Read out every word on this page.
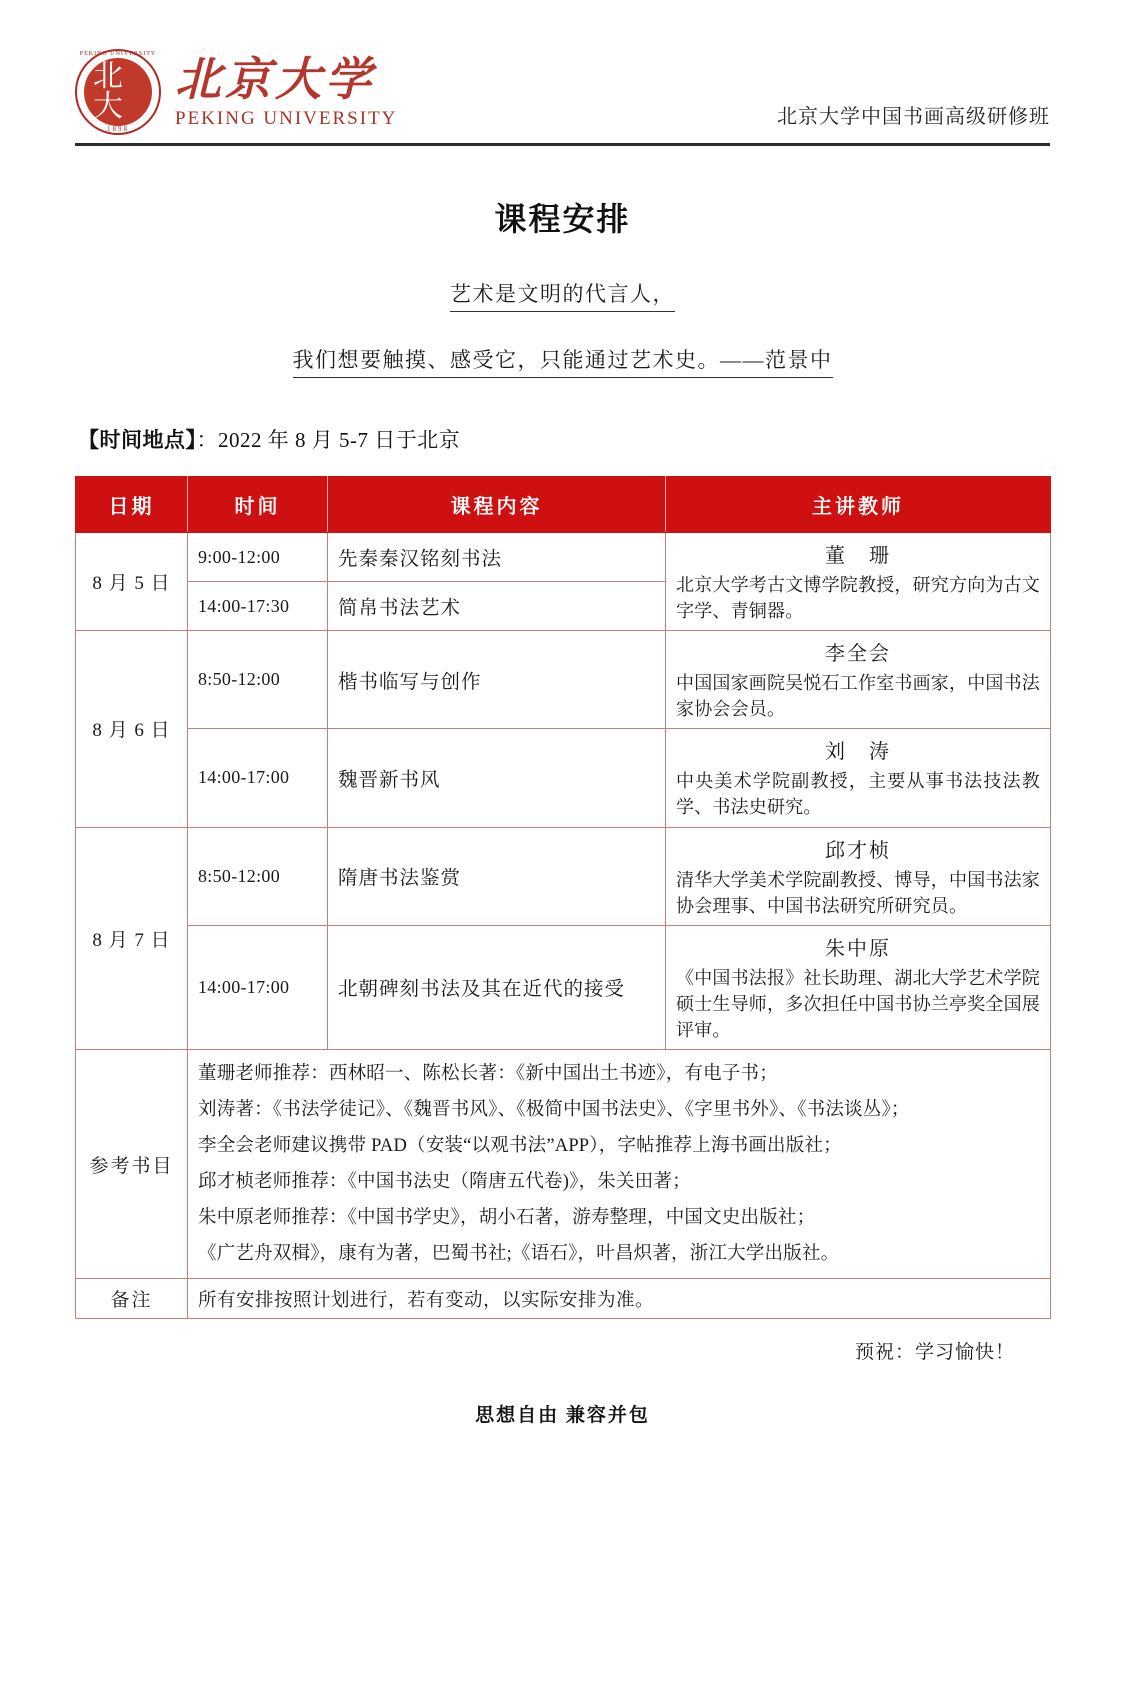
北大
PEKING UNIVERSITY
1898
北京大学
PEKING UNIVERSITY	北京大学中国书画高级研修班
课程安排
艺术是文明的代言人，
我们想要触摸、感受它，只能通过艺术史。——范景中
【时间地点】：2022 年 8 月 5-7 日于北京
日期	时间	课程内容	主讲教师
8 月 5 日	9:00-12:00	先秦秦汉铭刻书法	董　珊
北京大学考古文博学院教授，研究方向为古文字学、青铜器。

	14:00-17:30	简帛书法艺术	
8 月 6 日	8:50-12:00	楷书临写与创作	李全会
中国国家画院吴悦石工作室书画家，中国书法家协会会员。

	14:00-17:00	魏晋新书风	刘　涛
中央美术学院副教授，主要从事书法技法教学、书法史研究。

8 月 7 日	8:50-12:00	隋唐书法鉴赏	邱才桢
清华大学美术学院副教授、博导，中国书法家协会理事、中国书法研究所研究员。

	14:00-17:00	北朝碑刻书法及其在近代的接受	朱中原
《中国书法报》社长助理、湖北大学艺术学院硕士生导师，多次担任中国书协兰亭奖全国展评审。

参考书目	
董珊老师推荐：西林昭一、陈松长著：《新中国出土书迹》，有电子书；
刘涛著：《书法学徒记》、《魏晋书风》、《极简中国书法史》、《字里书外》、《书法谈丛》；
李全会老师建议携带 PAD（安装“以观书法”APP），字帖推荐上海书画出版社；
邱才桢老师推荐：《中国书法史（隋唐五代卷)》，朱关田著；
朱中原老师推荐：《中国书学史》，胡小石著，游寿整理，中国文史出版社；
《广艺舟双楫》，康有为著，巴蜀书社;《语石》，叶昌炽著，浙江大学出版社。

备注	所有安排按照计划进行，若有变动，以实际安排为准。		
预祝：学习愉快！
思想自由 兼容并包
